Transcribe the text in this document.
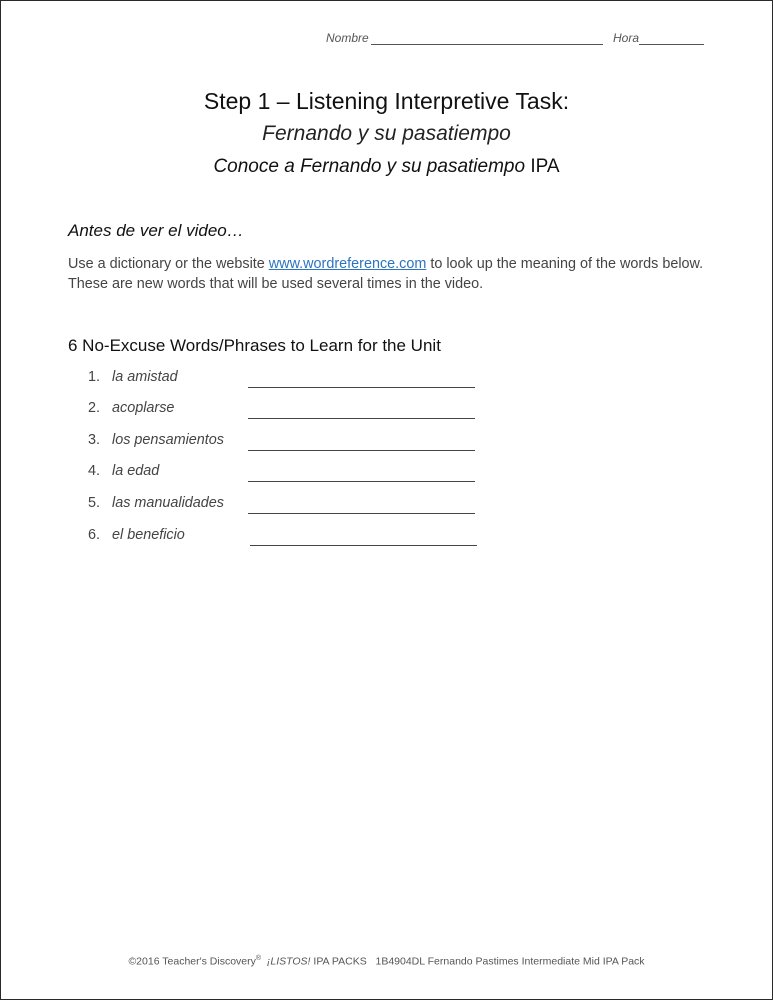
Nombre	Hora
Step 1 – Listening Interpretive Task:
Fernando y su pasatiempo
Conoce a Fernando y su pasatiempo IPA
Antes de ver el video…
Use a dictionary or the website www.wordreference.com to look up the meaning of the words below. These are new words that will be used several times in the video.
6 No-Excuse Words/Phrases to Learn for the Unit
1. la amistad
2. acoplarse
3. los pensamientos
4. la edad
5. las manualidades
6. el beneficio
©2016 Teacher's Discovery® ¡LISTOS! IPA PACKS 1B4904DL Fernando Pastimes Intermediate Mid IPA Pack
